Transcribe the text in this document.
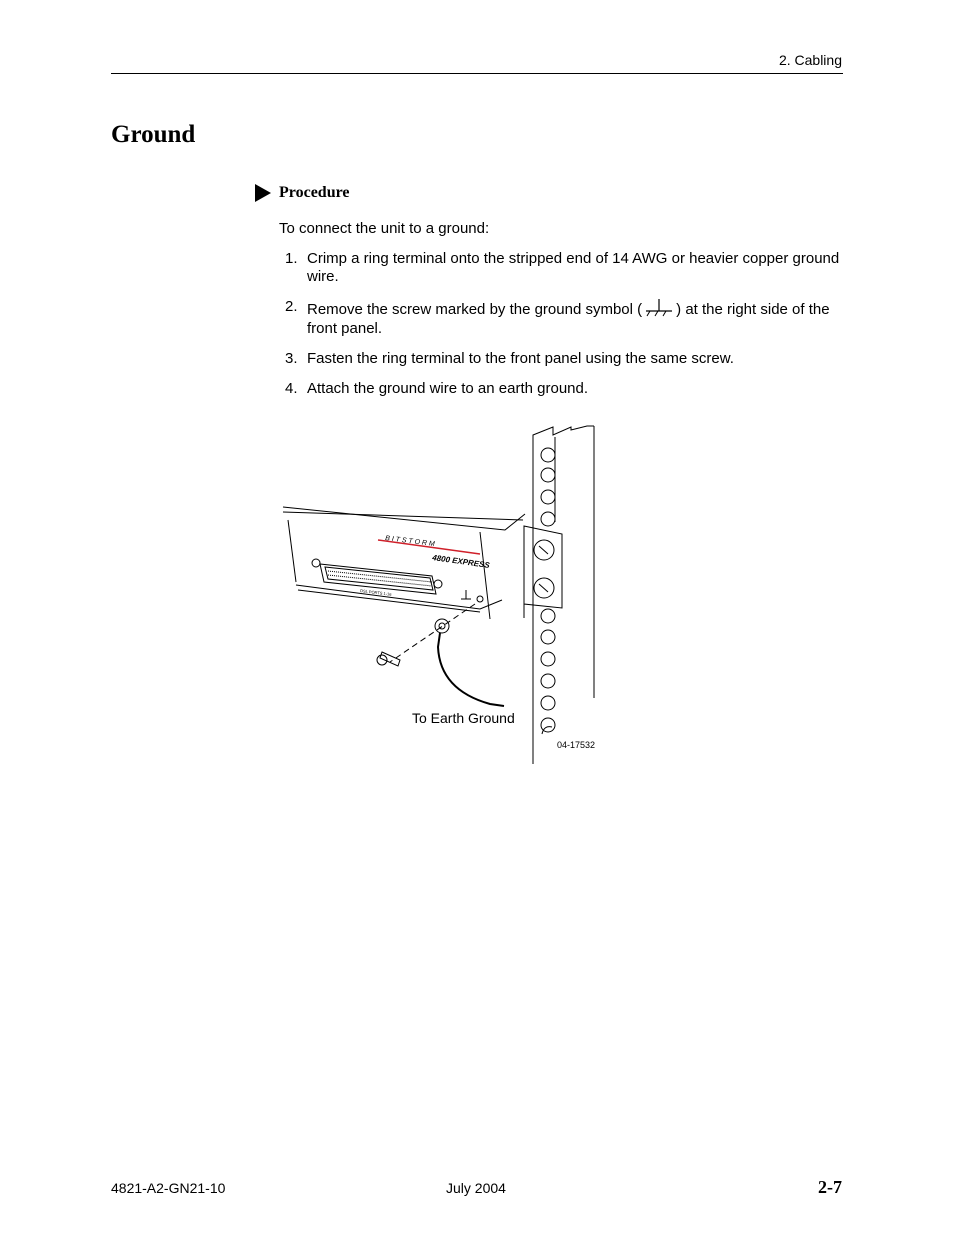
2. Cabling
Ground
Procedure
To connect the unit to a ground:
1. Crimp a ring terminal onto the stripped end of 14 AWG or heavier copper ground wire.
2. Remove the screw marked by the ground symbol ( ) at the right side of the front panel.
3. Fasten the ring terminal to the front panel using the same screw.
4. Attach the ground wire to an earth ground.
B I T S T O R M
4800 EXPRESS
DSL PORTS 1-16
To Earth Ground
04-17532
4821-A2-GN21-10	July 2004	2-7
